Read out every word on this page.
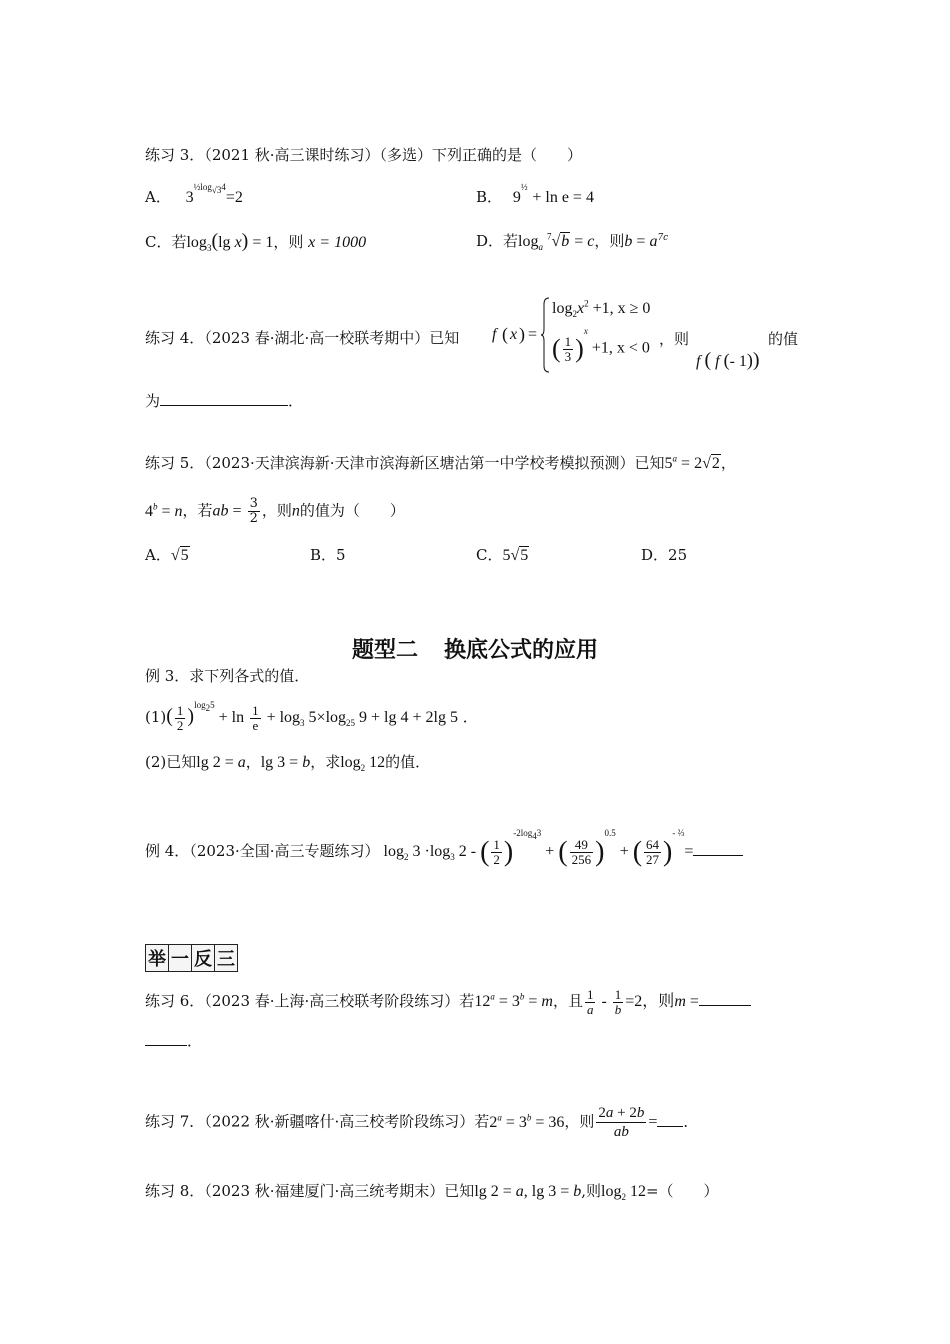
练习 3．（2021 秋·高三课时练习）（多选）下列正确的是（　　）
A． $3^{\frac{1}{2}log_{√3}4}=2$	B． $9^{\frac{1}{2}} + \ln e = 4$
C．若$\log_3(\lg$ x) = 1，则 x = 1000	D．若$\log_a ^7√b = c$，则$b = a^{7c}$
练习 4．（2023 春·湖北·高一校联考期中）已知 f ( x ) =
$\log_2x^2 +1$, x ≥ 0
( $\frac{1}{3} )^x +1$, x < 0
，则
f ( f (- 1))
的值
为	．
练习 5．（2023·天津滨海新·天津市滨海新区塘沽第一中学校考模拟预测）已知$5^a = 2√2$，
$4^b = n$，若ab = $\frac{3}{2}$ ，则n的值为（　　）
A．√5	B．5	C．5√5	D．25
题型二 换底公式的应用
例 3．求下列各式的值．
$(1)( \frac{1}{2} )^{log_25} + \ln \frac{1}{e} + \log_3 5\times\log_{25}$ 9 + lg 4 + 2lg 5 ．
(2)已知lg 2 = a，lg 3 = b，求$\log_2 12$的值．
例 4．（2023·全国·高三专题练习） $\log_2 3 \cdot\log_3$ 2 - ( $\frac{1}{2} )^{-2log_43}$ + ( $\frac{49}{256} )^{0.5}$ + ( $\frac{64}{27} )^{- \frac{2}{3}}=$
举 一 反 三
练习 6．（2023 春·上海·高三校联考阶段练习）若$12^a = 3^b = m$，且 $\frac{1}{a} - \frac{1}{b} =2$，则m =
．
练习 7．（2022 秋·新疆喀什·高三校考阶段练习）若$2^a = 3^b = 36$，则 $\frac{2a + 2b}{ab}$ = ．
练习 8．（2023 秋·福建厦门·高三统考期末）已知lg 2 = a, lg 3 = b,则$\log_2 12=$（　　）
